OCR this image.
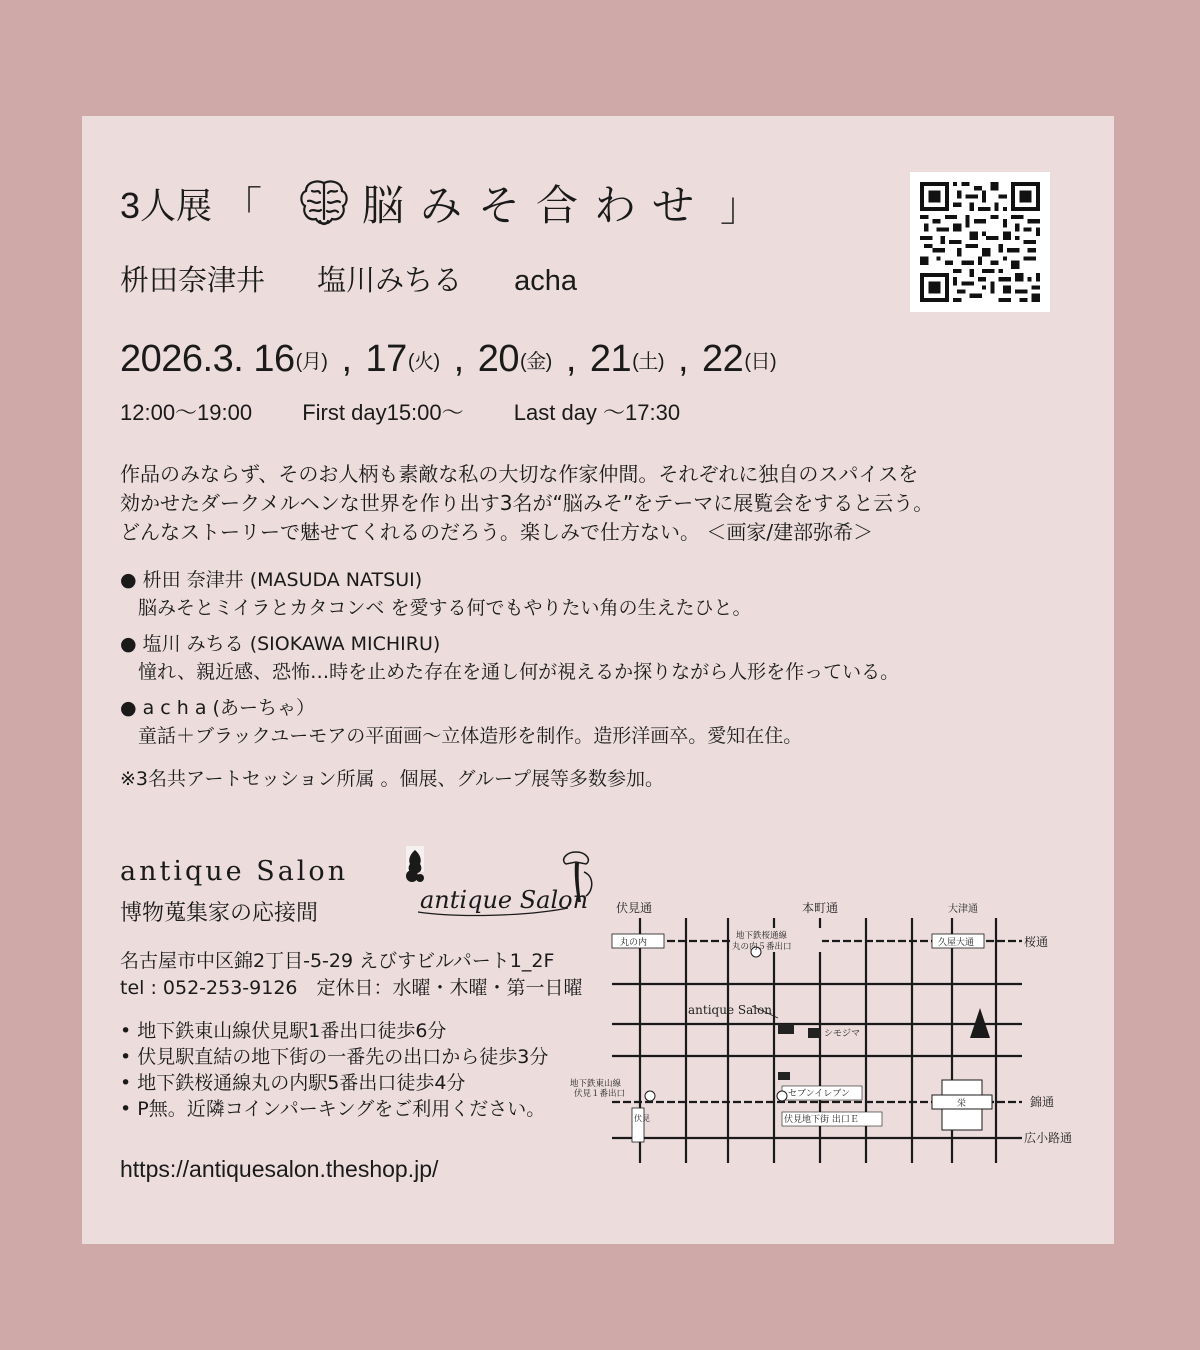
3人展 「 脳みそ合わせ 」
枡田奈津井 塩川みちる acha
2026.3. 16(月) , 17(火) , 20(金) , 21(土) , 22(日)
12:00〜19:00 First day15:00〜 Last day 〜17:30
作品のみならず、そのお人柄も素敵な私の大切な作家仲間。それぞれに独自のスパイスを
効かせたダークメルヘンな世界を作り出す3名が“脳みそ”をテーマに展覧会をすると云う。
どんなストーリーで魅せてくれるのだろう。楽しみで仕方ない。 ＜画家/建部弥希＞
● 枡田 奈津井 (MASUDA NATSUI)
脳みそとミイラとカタコンベ を愛する何でもやりたい角の生えたひと。
● 塩川 みちる (SIOKAWA MICHIRU)
憧れ、親近感、恐怖…時を止めた存在を通し何が視えるか探りながら人形を作っている。
● a c h a (あーちゃ）
童話＋ブラックユーモアの平面画〜立体造形を制作。造形洋画卒。愛知在住。
※3名共アートセッション所属 。個展、グループ展等多数参加。
antique Salon
博物蒐集家の応接間	antique Salon
名古屋市中区錦2丁目-5-29 えびすビルパート1_2F
tel : 052-253-9126　定休日：水曜・木曜・第一日曜
• 地下鉄東山線伏見駅1番出口徒歩6分
• 伏見駅直結の地下街の一番先の出口から徒歩3分
• 地下鉄桜通線丸の内駅5番出口徒歩4分
• P無。近隣コインパーキングをご利用ください。
https://antiquesalon.theshop.jp/
伏見通	本町通	大津通
桜通
錦通
広小路通
丸の内	久屋大通
地下鉄桜通線
丸の内５番出口
antique Salon
シモジマ
セブンイレブン
地下鉄東山線
伏見１番出口
伏見
栄
伏見地下街 出口Ｅ
